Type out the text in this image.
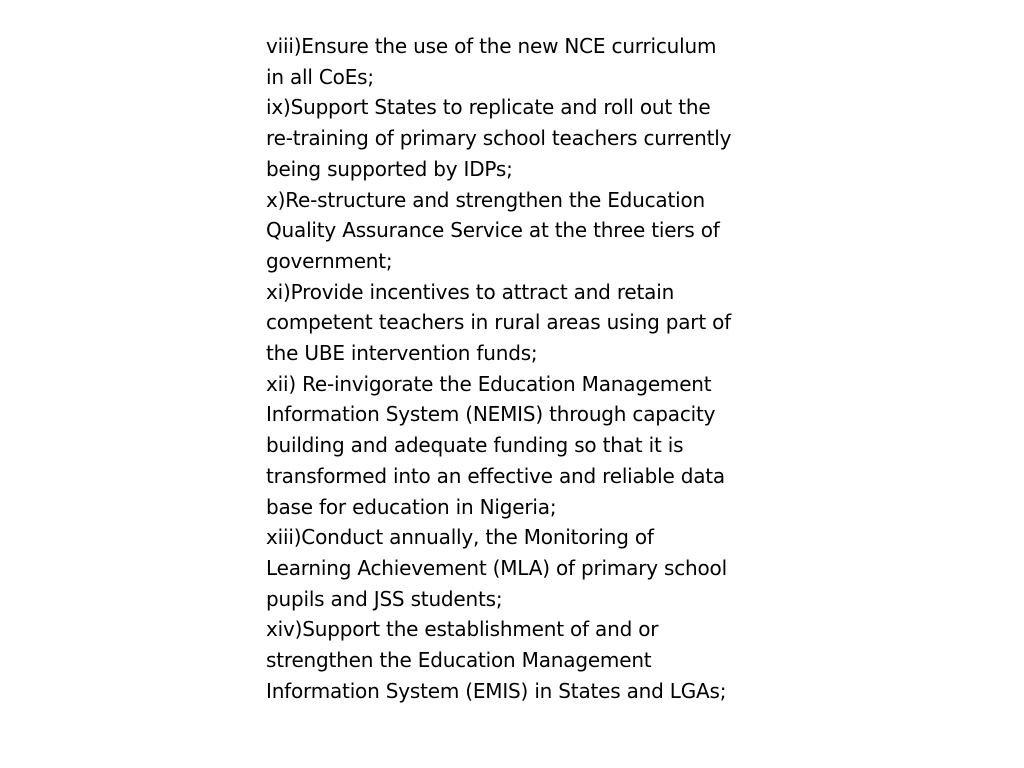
viii)Ensure the use of the new NCE curriculum
in all CoEs;
ix)Support States to replicate and roll out the
re-training of primary school teachers currently
being supported by IDPs;
x)Re-structure and strengthen the Education
Quality Assurance Service at the three tiers of
government;
xi)Provide incentives to attract and retain
competent teachers in rural areas using part of
the UBE intervention funds;
xii) Re-invigorate the Education Management
Information System (NEMIS) through capacity
building and adequate funding so that it is
transformed into an effective and reliable data
base for education in Nigeria;
xiii)Conduct annually, the Monitoring of
Learning Achievement (MLA) of primary school
pupils and JSS students;
xiv)Support the establishment of and or
strengthen the Education Management
Information System (EMIS) in States and LGAs;
